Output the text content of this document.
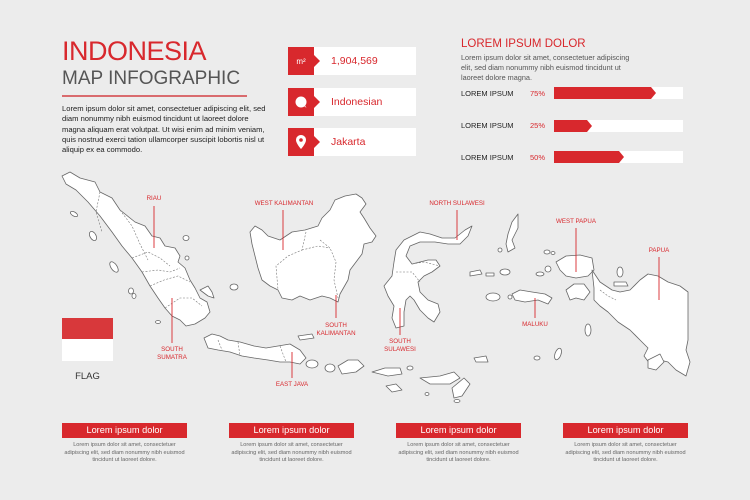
INDONESIA
MAP INFOGRAPHIC
Lorem ipsum dolor sit amet, consectetuer adipiscing elit, sed diam nonummy nibh euismod tincidunt ut laoreet dolore magna aliquam erat volutpat. Ut wisi enim ad minim veniam, quis nostrud exerci tation ullamcorper suscipit lobortis nisl ut aliquip ex ea commodo.
m²	1,904,569
Indonesian
Jakarta
LOREM IPSUM DOLOR
Lorem ipsum dolor sit amet, consectetuer adipiscing elit, sed diam nonummy nibh euismod tincidunt ut laoreet dolore magna.
LOREM IPSUM 75%
LOREM IPSUM 25%
LOREM IPSUM 50%
RIAU
SOUTH
SUMATRA
WEST KALIMANTAN
SOUTH
KALIMANTAN
EAST JAVA
NORTH SULAWESI
SOUTH
SULAWESI
MALUKU
WEST PAPUA
PAPUA
FLAG
Lorem ipsum dolor
Lorem ipsum dolor sit amet, consectetuer adipiscing elit, sed diam nonummy nibh euismod tincidunt ut laoreet dolore.
Lorem ipsum dolor
Lorem ipsum dolor sit amet, consectetuer adipiscing elit, sed diam nonummy nibh euismod tincidunt ut laoreet dolore.
Lorem ipsum dolor
Lorem ipsum dolor sit amet, consectetuer adipiscing elit, sed diam nonummy nibh euismod tincidunt ut laoreet dolore.
Lorem ipsum dolor
Lorem ipsum dolor sit amet, consectetuer adipiscing elit, sed diam nonummy nibh euismod tincidunt ut laoreet dolore.
